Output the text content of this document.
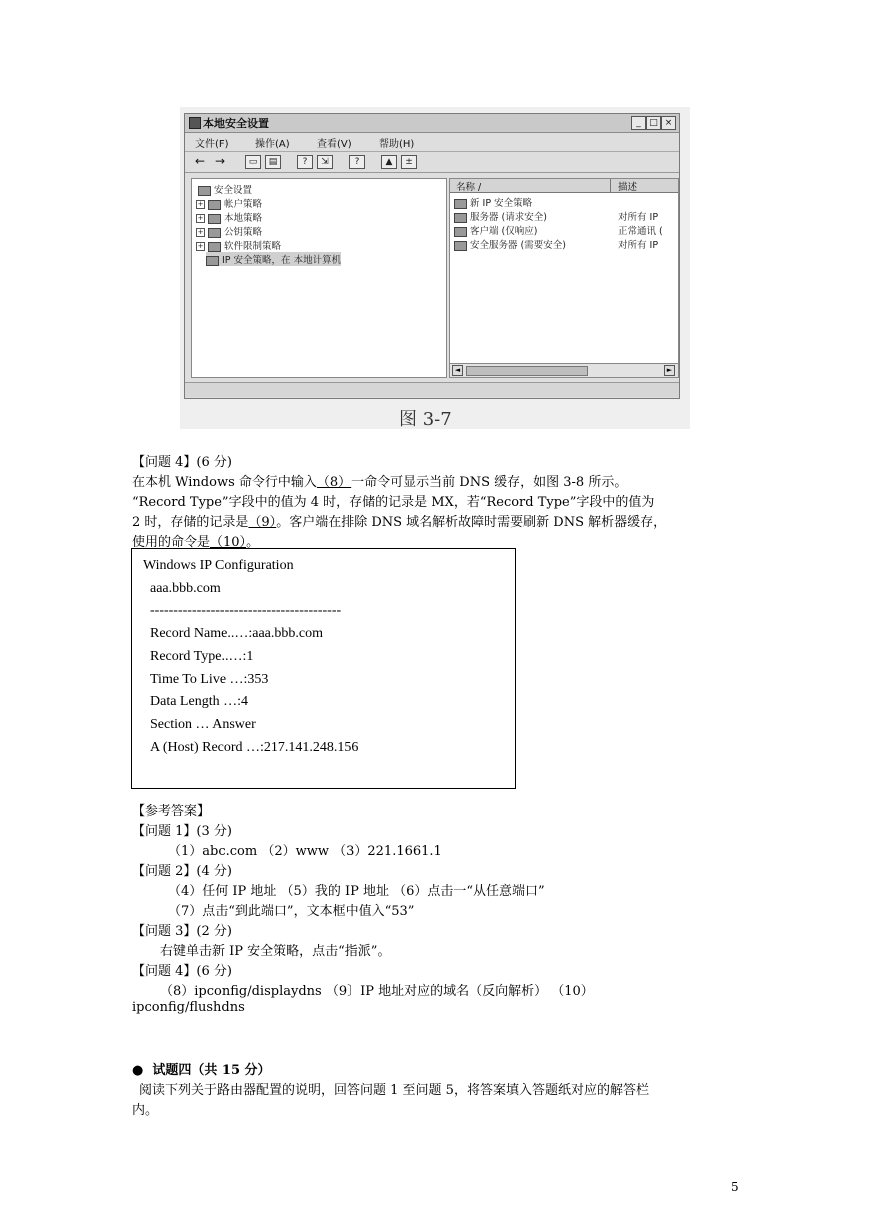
本地安全设置	_ □ ×
文件(F)	操作(A)	查看(V)	帮助(H)
← →	▭	▤	?	⇲	?	▲	±
安全设置
+ 帐户策略
+ 本地策略
+ 公钥策略
+ 软件限制策略
IP 安全策略，在 本地计算机
名称 /	描述
新 IP 安全策略
服务器 (请求安全)	对所有 IP
客户端 (仅响应)	正常通讯 (
安全服务器 (需要安全)	对所有 IP
◄	►
图 3-7
【问题 4】(6 分)
在本机 Windows 命令行中输入（8）一命令可显示当前 DNS 缓存，如图 3-8 所示。
“Record Type”字段中的值为 4 时，存储的记录是 MX，若“Record Type”字段中的值为
2 时，存储的记录是（9）。客户端在排除 DNS 域名解析故障时需要刷新 DNS 解析器缓存，
使用的命令是（10）。
Windows IP Configuration
aaa.bbb.com
-----------------------------------------
Record Name..…:aaa.bbb.com
Record Type..…:1
Time To Live …:353
Data Length …:4
Section … Answer
A (Host) Record …:217.141.248.156
【参考答案】
【问题 1】(3 分)
（1）abc.com （2）www （3）221.1661.1
【问题 2】(4 分)
（4）任何 IP 地址 （5）我的 IP 地址 （6）点击一“从任意端口”
（7）点击“到此端口”，文本框中值入“53”
【问题 3】(2 分)
右键单击新 IP 安全策略，点击“指派”。
【问题 4】(6 分)
（8）ipconfig/displaydns （9〕IP 地址对应的域名（反向解析） （10）
ipconfig/flushdns
● 试题四（共 15 分）
阅读下列关于路由器配置的说明，回答问题 1 至问题 5，将答案填入答题纸对应的解答栏
内。
5
